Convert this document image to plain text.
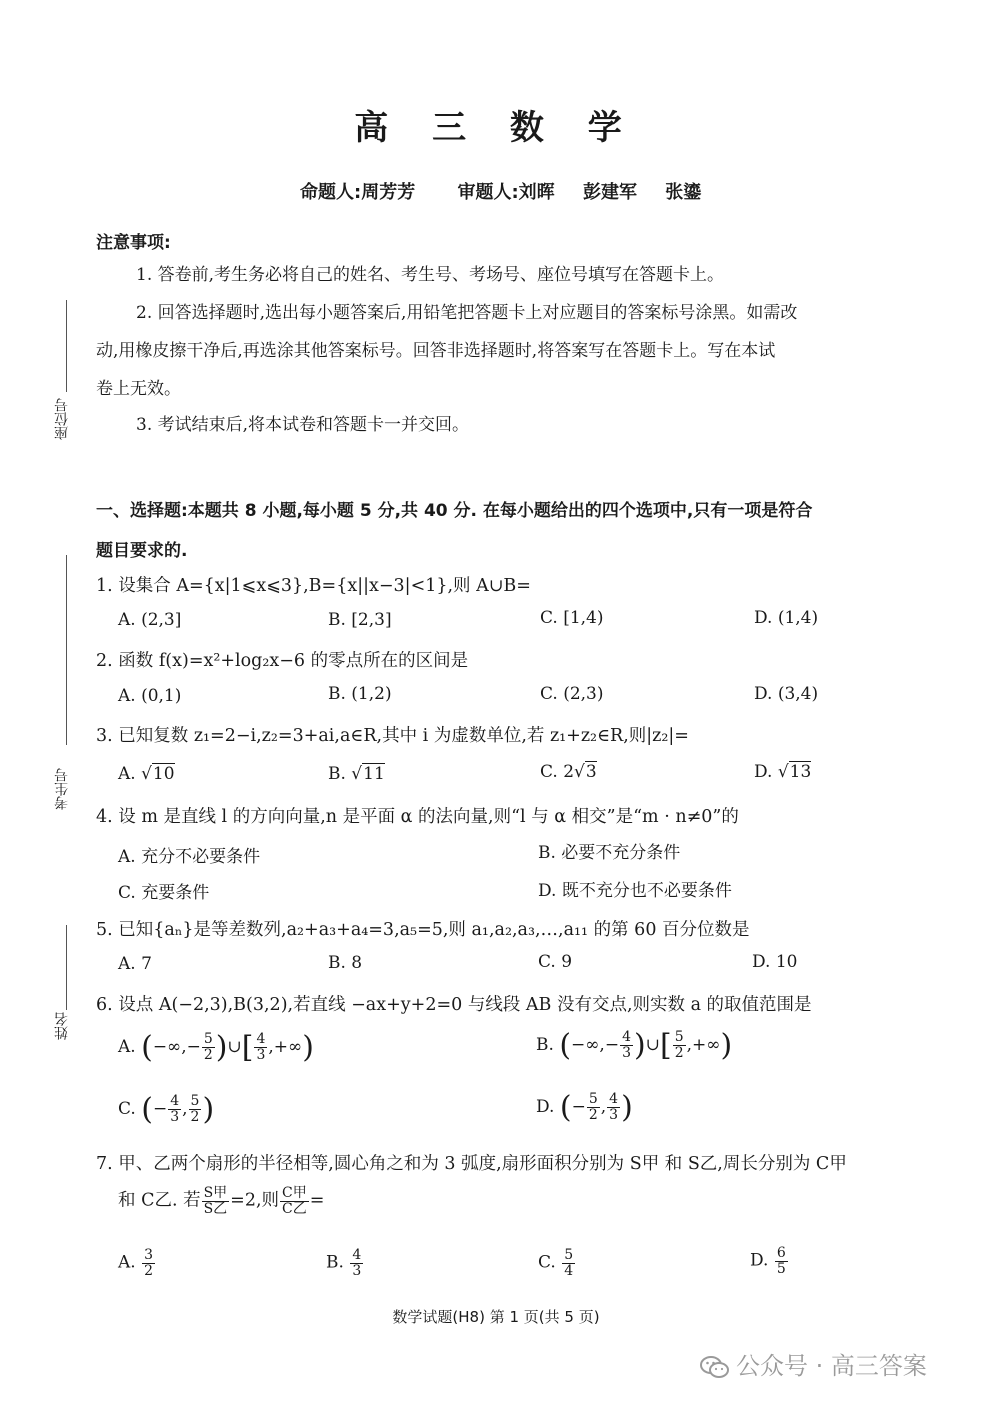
高 三 数 学
命题人:周芳芳 审题人:刘晖 彭建军 张鎏
注意事项:
1. 答卷前,考生务必将自己的姓名、考生号、考场号、座位号填写在答题卡上。
2. 回答选择题时,选出每小题答案后,用铅笔把答题卡上对应题目的答案标号涂黑。如需改
动,用橡皮擦干净后,再选涂其他答案标号。回答非选择题时,将答案写在答题卡上。写在本试
卷上无效。
3. 考试结束后,将本试卷和答题卡一并交回。
座位号
考生号
姓名
一、选择题:本题共 8 小题,每小题 5 分,共 40 分. 在每小题给出的四个选项中,只有一项是符合
题目要求的.
1. 设集合 A={x|1⩽x⩽3},B={x||x−3|<1},则 A∪B=
A. (2,3]	B. [2,3]	C. [1,4)	D. (1,4)
2. 函数 f(x)=x²+log₂x−6 的零点所在的区间是
A. (0,1)	B. (1,2)	C. (2,3)	D. (3,4)
3. 已知复数 z₁=2−i,z₂=3+ai,a∈R,其中 i 为虚数单位,若 z₁+z₂∈R,则|z₂|=
A. √10	B. √11	C. 2√3	D. √13
4. 设 m 是直线 l 的方向向量,n 是平面 α 的法向量,则“l 与 α 相交”是“m · n≠0”的
A. 充分不必要条件	B. 必要不充分条件
C. 充要条件	D. 既不充分也不必要条件
5. 已知{aₙ}是等差数列,a₂+a₃+a₄=3,a₅=5,则 a₁,a₂,a₃,…,a₁₁ 的第 60 百分位数是
A. 7	B. 8	C. 9	D. 10
6. 设点 A(−2,3),B(3,2),若直线 −ax+y+2=0 与线段 AB 没有交点,则实数 a 的取值范围是
A. (−∞,− $\frac{5}{2}$ )∪[ $\frac{4}{3}$ ,+∞)	B. (−∞,− $\frac{4}{3}$ )∪[ $\frac{5}{2}$ ,+∞)
C. (− $\frac{4}{3}$ , $\frac{5}{2}$ )	D. (− $\frac{5}{2}$ , $\frac{4}{3}$ )
7. 甲、乙两个扇形的半径相等,圆心角之和为 3 弧度,扇形面积分别为 S甲 和 S乙,周长分别为 C甲
和 C乙. 若 $\frac{\text{S甲}}{\text{S乙}} =2$,则 $\frac{\text{C甲}}{\text{C乙}}$ =
A. $\frac{3}{2}$	B. $\frac{4}{3}$	C. $\frac{5}{4}$	D. $\frac{6}{5}$
数学试题(H8) 第 1 页(共 5 页)
公众号 · 高三答案
